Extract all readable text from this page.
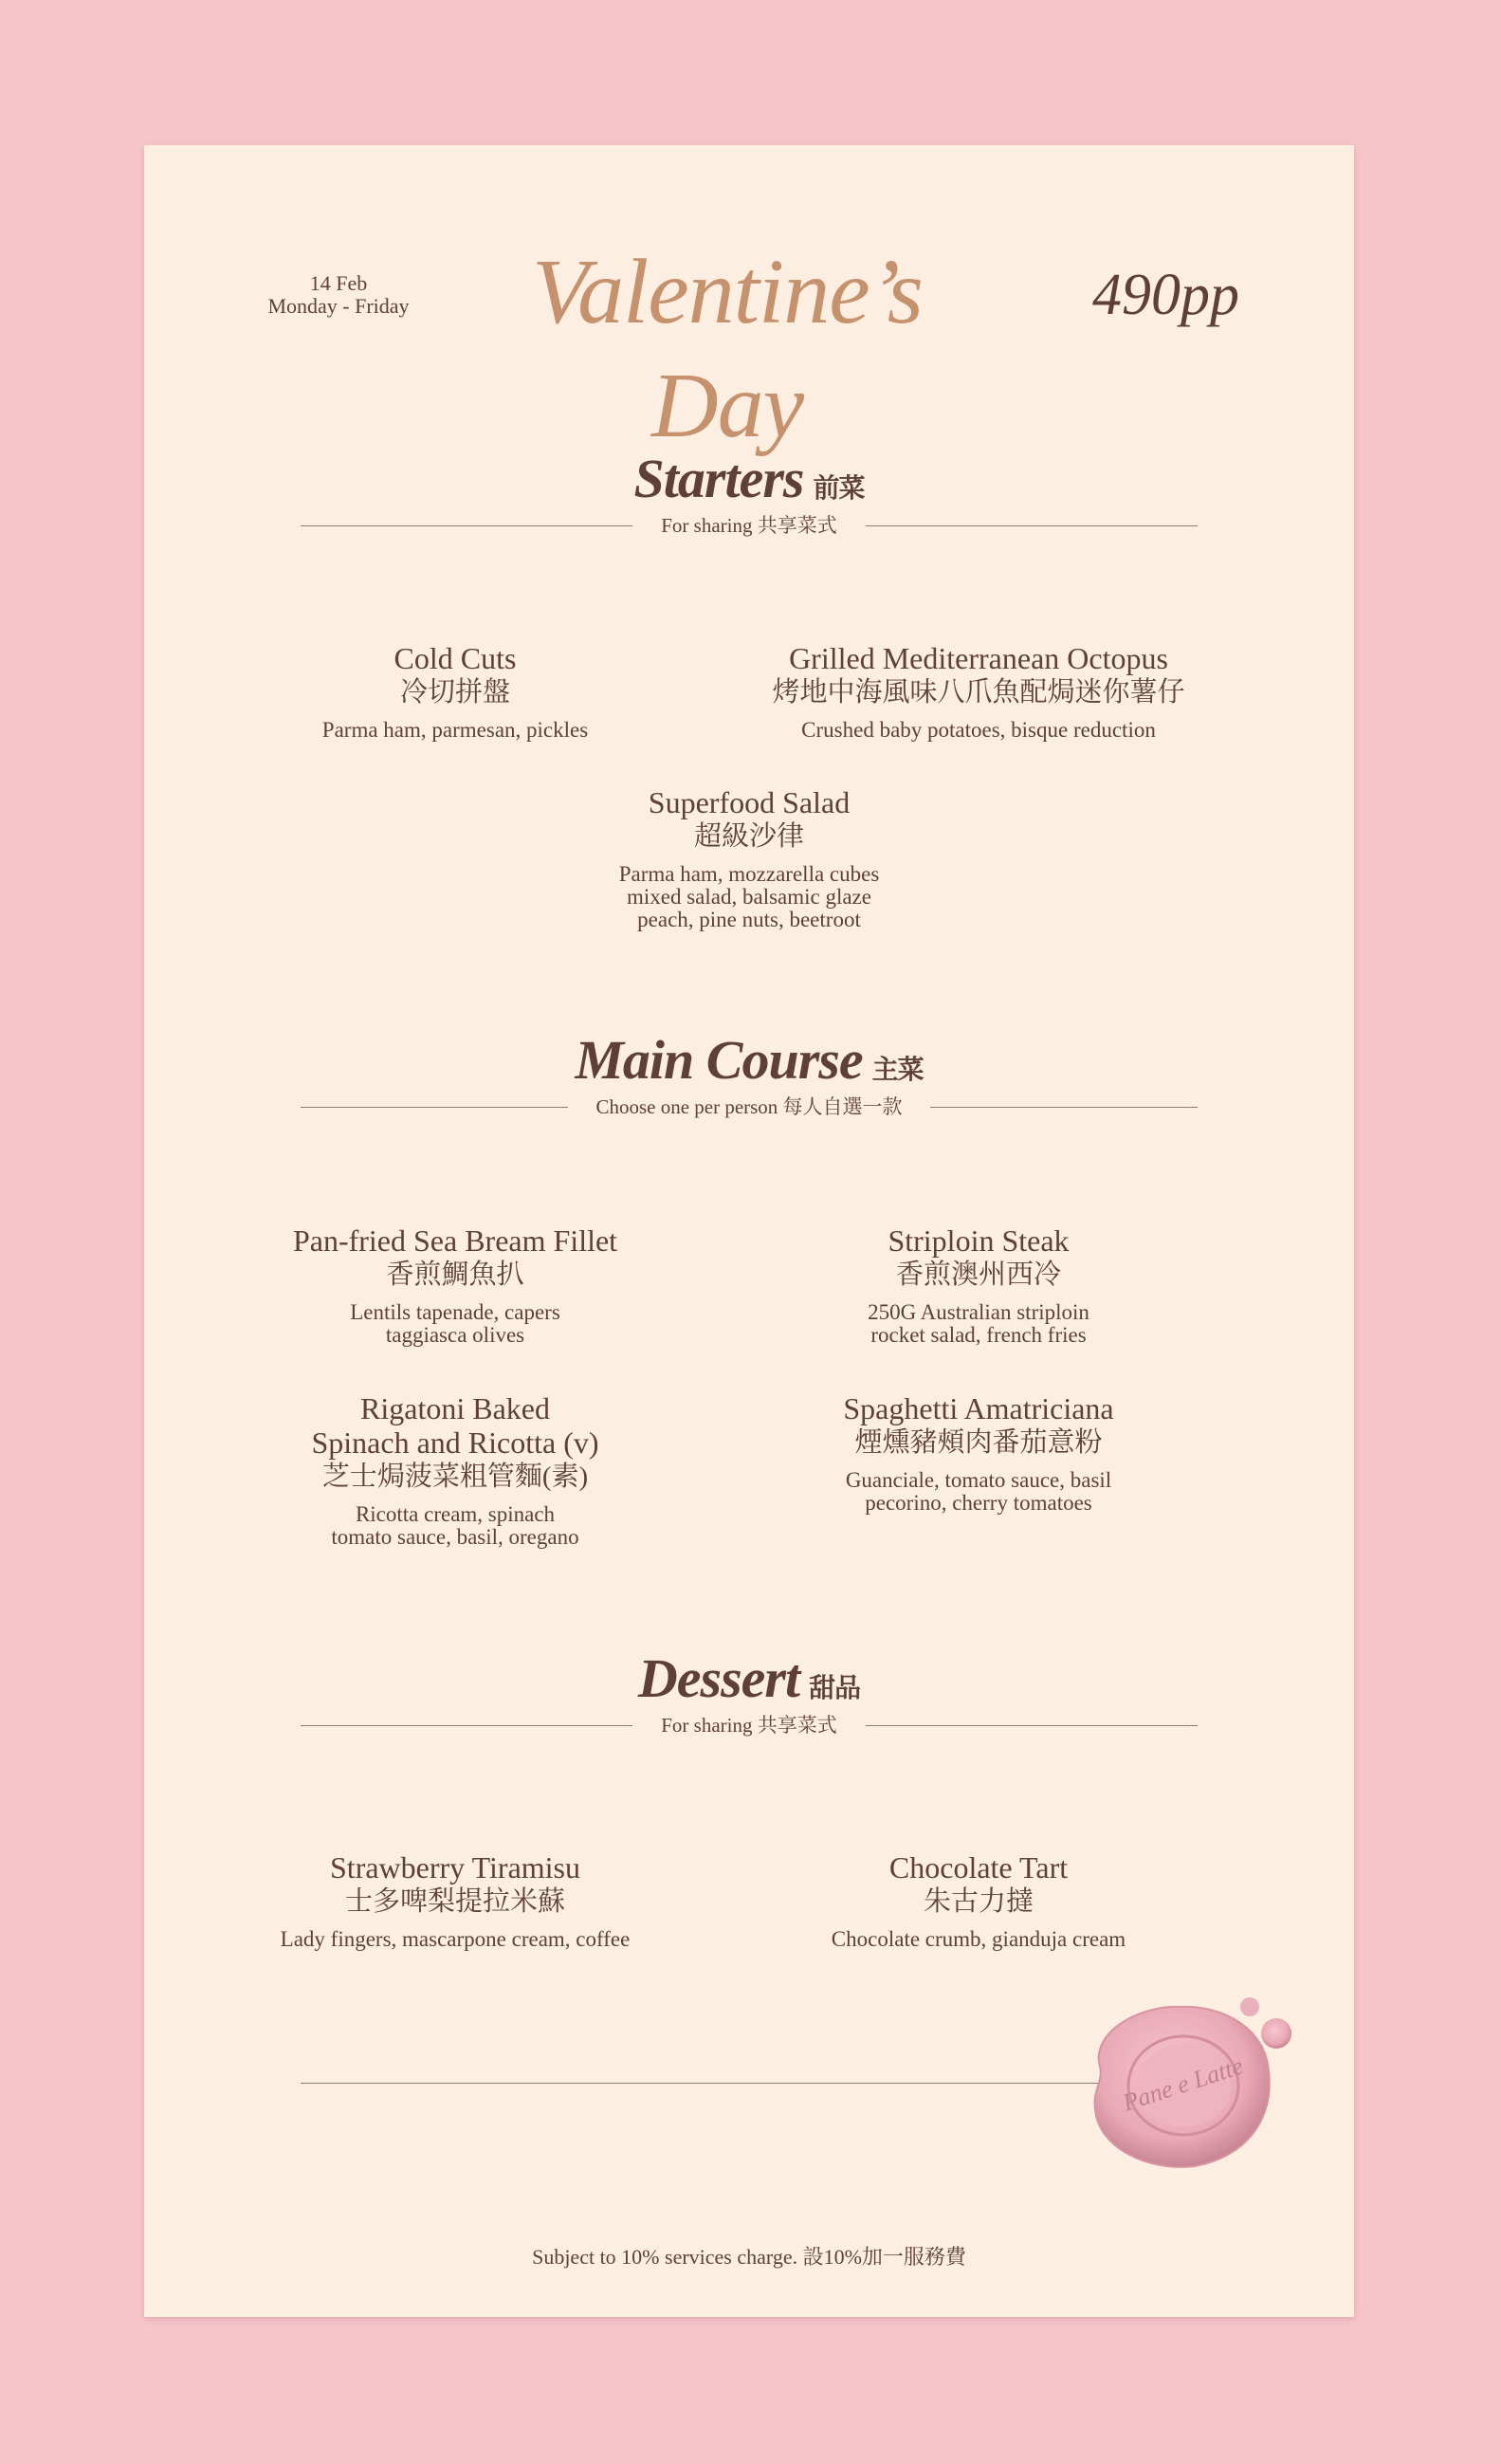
14 Feb
Monday - Friday	Valentine’s Day
490pp
Starters 前菜
For sharing 共享菜式
Cold Cuts
冷切拼盤
Parma ham, parmesan, pickles
Grilled Mediterranean Octopus
烤地中海風味八爪魚配焗迷你薯仔
Crushed baby potatoes, bisque reduction
Superfood Salad
超級沙律
Parma ham, mozzarella cubes
mixed salad, balsamic glaze
peach, pine nuts, beetroot
Main Course 主菜
Choose one per person 每人自選一款
Pan-fried Sea Bream Fillet
香煎鯛魚扒
Lentils tapenade, capers
taggiasca olives
Striploin Steak
香煎澳州西冷
250G Australian striploin
rocket salad, french fries
Rigatoni Baked
Spinach and Ricotta (v)
芝士焗菠菜粗管麵(素)
Ricotta cream, spinach
tomato sauce, basil, oregano
Spaghetti Amatriciana
煙燻豬頰肉番茄意粉
Guanciale, tomato sauce, basil
pecorino, cherry tomatoes
Dessert 甜品
For sharing 共享菜式
Strawberry Tiramisu
士多啤梨提拉米蘇
Lady fingers, mascarpone cream, coffee
Chocolate Tart
朱古力撻
Chocolate crumb, gianduja cream
Pane e Latte
Subject to 10% services charge. 設10%加一服務費
